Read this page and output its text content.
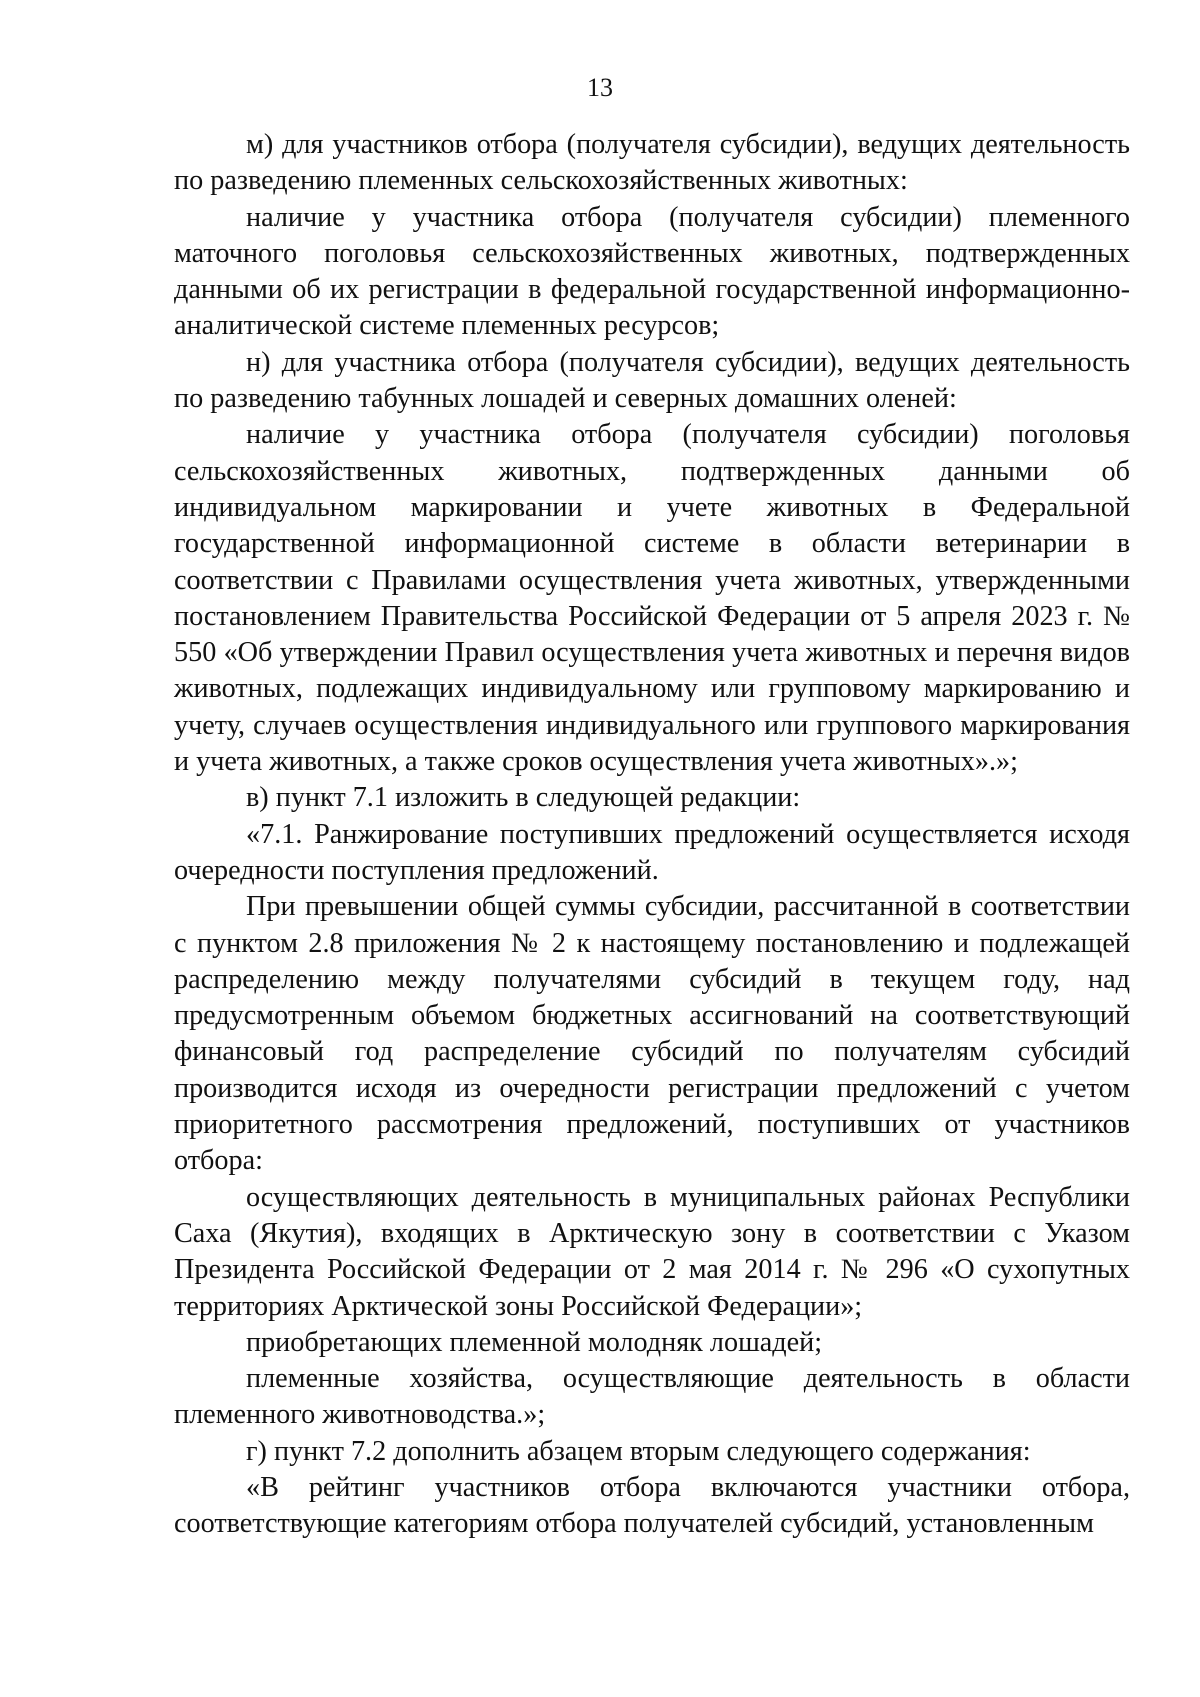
13

м) для участников отбора (получателя субсидии), ведущих деятельность по разведению племенных сельскохозяйственных животных:

наличие у участника отбора (получателя субсидии) племенного маточного поголовья сельскохозяйственных животных, подтвержденных данными об их регистрации в федеральной государственной информационно-аналитической системе племенных ресурсов;

н) для участника отбора (получателя субсидии), ведущих деятельность по разведению табунных лошадей и северных домашних оленей:

наличие у участника отбора (получателя субсидии) поголовья сельскохозяйственных животных, подтвержденных данными об индивидуальном маркировании и учете животных в Федеральной государственной информационной системе в области ветеринарии в соответствии с Правилами осуществления учета животных, утвержденными постановлением Правительства Российской Федерации от 5 апреля 2023 г. № 550 «Об утверждении Правил осуществления учета животных и перечня видов животных, подлежащих индивидуальному или групповому маркированию и учету, случаев осуществления индивидуального или группового маркирования и учета животных, а также сроков осуществления учета животных».»;

в) пункт 7.1 изложить в следующей редакции:

«7.1. Ранжирование поступивших предложений осуществляется исходя очередности поступления предложений.

При превышении общей суммы субсидии, рассчитанной в соответствии с пунктом 2.8 приложения № 2 к настоящему постановлению и подлежащей распределению между получателями субсидий в текущем году, над предусмотренным объемом бюджетных ассигнований на соответствующий финансовый год распределение субсидий по получателям субсидий производится исходя из очередности регистрации предложений с учетом приоритетного рассмотрения предложений, поступивших от участников отбора:

осуществляющих деятельность в муниципальных районах Республики Саха (Якутия), входящих в Арктическую зону в соответствии с Указом Президента Российской Федерации от 2 мая 2014 г. № 296 «О сухопутных территориях Арктической зоны Российской Федерации»;

приобретающих племенной молодняк лошадей;

племенные хозяйства, осуществляющие деятельность в области племенного животноводства.»;

г) пункт 7.2 дополнить абзацем вторым следующего содержания:

«В рейтинг участников отбора включаются участники отбора, соответствующие категориям отбора получателей субсидий, установленным
